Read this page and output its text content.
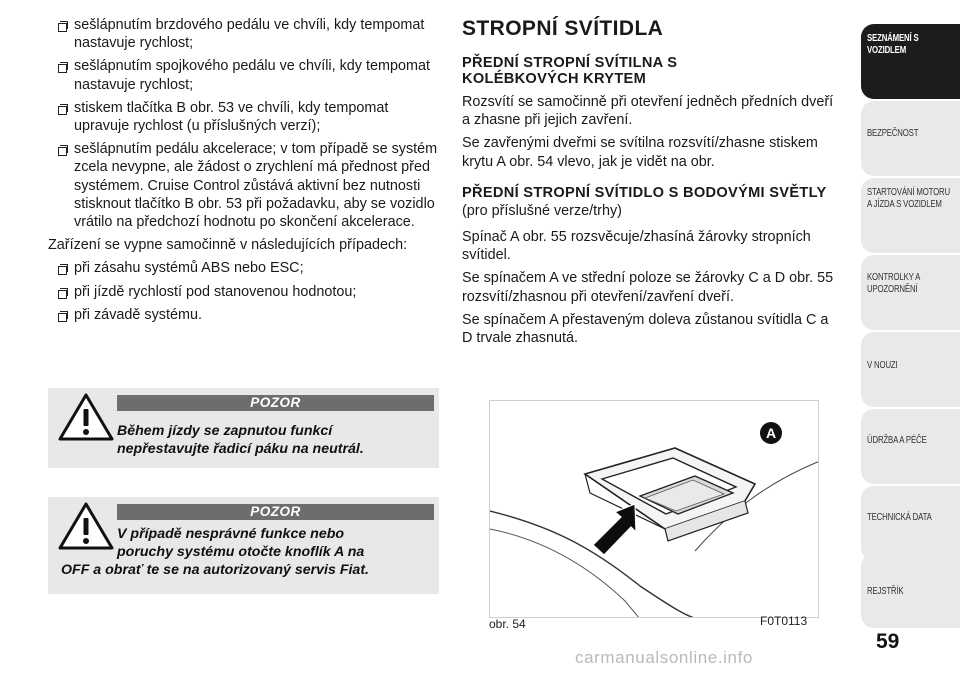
sešlápnutím brzdového pedálu ve chvíli, kdy tempomat nastavuje rychlost;
sešlápnutím spojkového pedálu ve chvíli, kdy tempomat nastavuje rychlost;
stiskem tlačítka B obr. 53 ve chvíli, kdy tempomat upravuje rychlost (u příslušných verzí);
sešlápnutím pedálu akcelerace; v tom případě se systém zcela nevypne, ale žádost o zrychlení má přednost před systémem. Cruise Control zůstává aktivní bez nutnosti stisknout tlačítko B obr. 53 při požadavku, aby se vozidlo vrátilo na předchozí hodnotu po skončení akcelerace.

Zařízení se vypne samočinně v následujících případech:

při zásahu systémů ABS nebo ESC;
při jízdě rychlostí pod stanovenou hodnotou;
při závadě systému.
POZOR
Během jízdy se zapnutou funkcí
nepřestavujte řadicí páku na neutrál.
POZOR
V případě nesprávné funkce nebo
poruchy systému otočte knoflík A na
OFF a obrať te se na autorizovaný servis Fiat.
STROPNÍ SVÍTIDLA
PŘEDNÍ STROPNÍ SVÍTILNA S KOLÉBKOVÝCH KRYTEM

Rozsvítí se samočinně při otevření jedněch předních dveří a zhasne při jejich zavření.

Se zavřenými dveřmi se svítilna rozsvítí/zhasne stiskem krytu A obr. 54 vlevo, jak je vidět na obr.

PŘEDNÍ STROPNÍ SVÍTIDLO S BODOVÝMI SVĚTLY

(pro příslušné verze/trhy)

Spínač A obr. 55 rozsvěcuje/zhasíná žárovky stropních svítidel.

Se spínačem A ve střední poloze se žárovky C a D obr. 55 rozsvítí/zhasnou při otevření/zavření dveří.

Se spínačem A přestaveným doleva zůstanou svítidla C a D trvale zhasnutá.

A
obr. 54	F0T0113
SEZNÁMENÍ S VOZIDLEM
BEZPEČNOST
STARTOVÁNÍ MOTORU A JÍZDA S VOZIDLEM
KONTROLKY A UPOZORNĚNÍ
V NOUZI
ÚDRŽBA A PÉČE
TECHNICKÁ DATA
REJSTŘÍK
59
carmanualsonline.info
